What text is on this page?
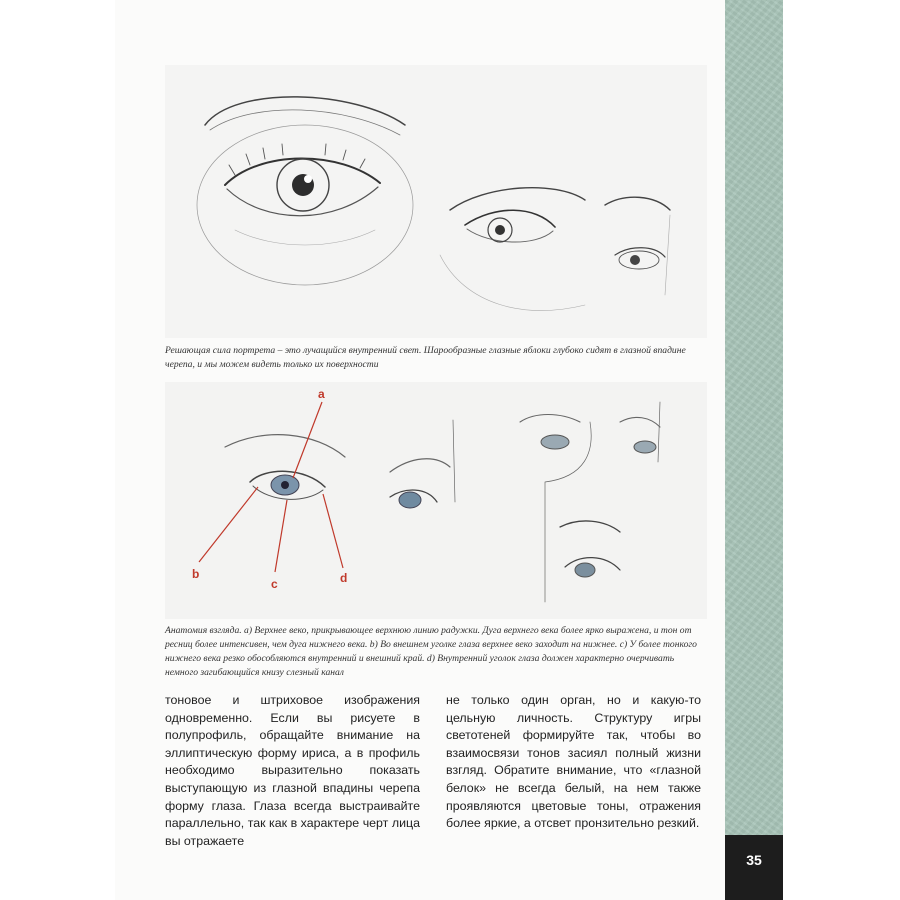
35
Решающая сила портрета – это лучащийся внутренний свет. Шарообразные глазные яблоки глубоко сидят в глазной впадине черепа, и мы можем видеть только их поверхности
a
b
c	d
Анатомия взгляда. a) Верхнее веко, прикрывающее верхнюю линию радужки. Дуга верхнего века более ярко выражена, и тон от ресниц более интенсивен, чем дуга нижнего века. b) Во внешнем уголке глаза верхнее веко заходит на нижнее. c) У более тонкого нижнего века резко обособляются внутренний и внешний край. d) Внутренний уголок глаза должен характерно очерчивать немного загибающийся книзу слезный канал
тоновое и штриховое изображения одновременно. Если вы рисуете в полупрофиль, обращайте внимание на эллиптическую форму ириса, а в профиль необходимо выразительно показать выступающую из глазной впадины черепа форму глаза. Глаза всегда выстраивайте параллельно, так как в характере черт лица вы отражаете
не только один орган, но и какую-то цельную личность. Структуру игры светотеней формируйте так, чтобы во взаимосвязи тонов засиял полный жизни взгляд. Обратите внимание, что «глазной белок» не всегда белый, на нем также проявляются цветовые тоны, отражения более яркие, а отсвет пронзительно резкий.
